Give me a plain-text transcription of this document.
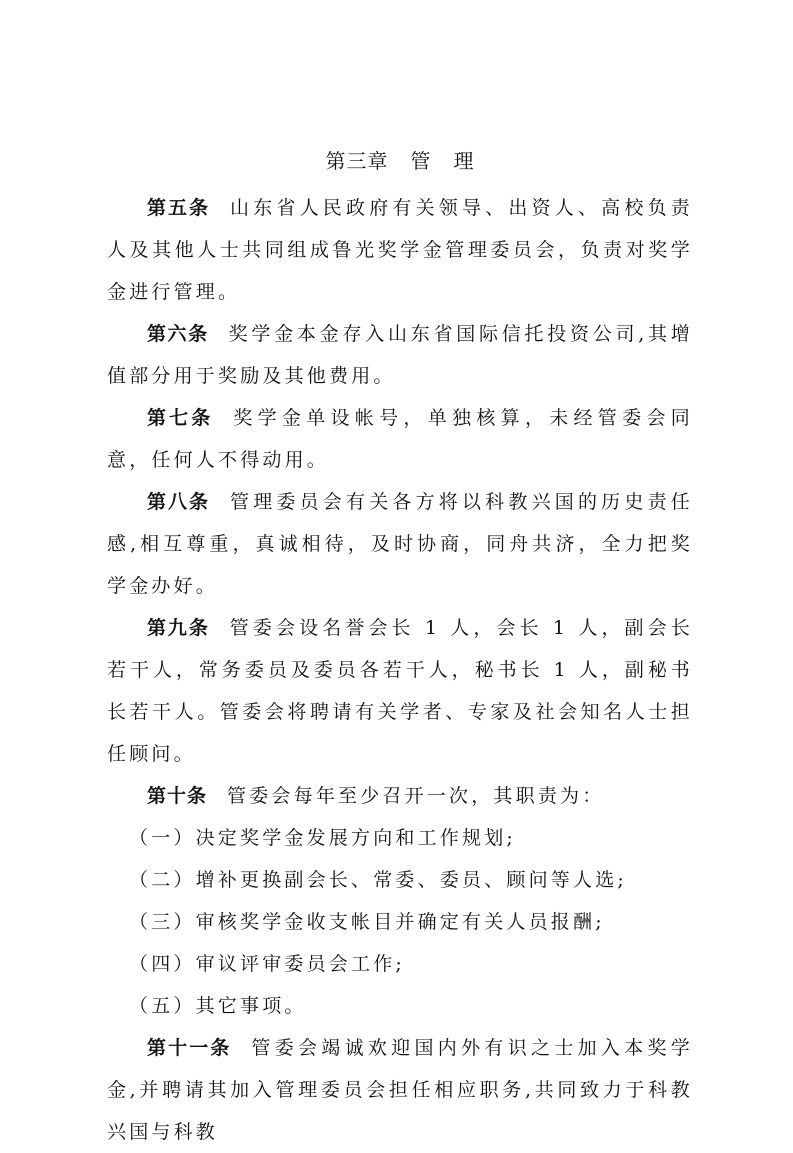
第三章 管 理

第五条 山东省人民政府有关领导、出资人、高校负责人及其他人士共同组成鲁光奖学金管理委员会，负责对奖学金进行管理。

第六条 奖学金本金存入山东省国际信托投资公司,其增值部分用于奖励及其他费用。

第七条 奖学金单设帐号，单独核算，未经管委会同意，任何人不得动用。

第八条 管理委员会有关各方将以科教兴国的历史责任感,相互尊重，真诚相待，及时协商，同舟共济，全力把奖学金办好。

第九条 管委会设名誉会长 1 人，会长 1 人，副会长若干人，常务委员及委员各若干人，秘书长 1 人，副秘书长若干人。管委会将聘请有关学者、专家及社会知名人士担任顾问。

第十条 管委会每年至少召开一次，其职责为：

（一）决定奖学金发展方向和工作规划;

（二）增补更换副会长、常委、委员、顾问等人选;

（三）审核奖学金收支帐目并确定有关人员报酬;

（四）审议评审委员会工作;

（五）其它事项。

第十一条 管委会竭诚欢迎国内外有识之士加入本奖学金,并聘请其加入管理委员会担任相应职务,共同致力于科教兴国与科教
